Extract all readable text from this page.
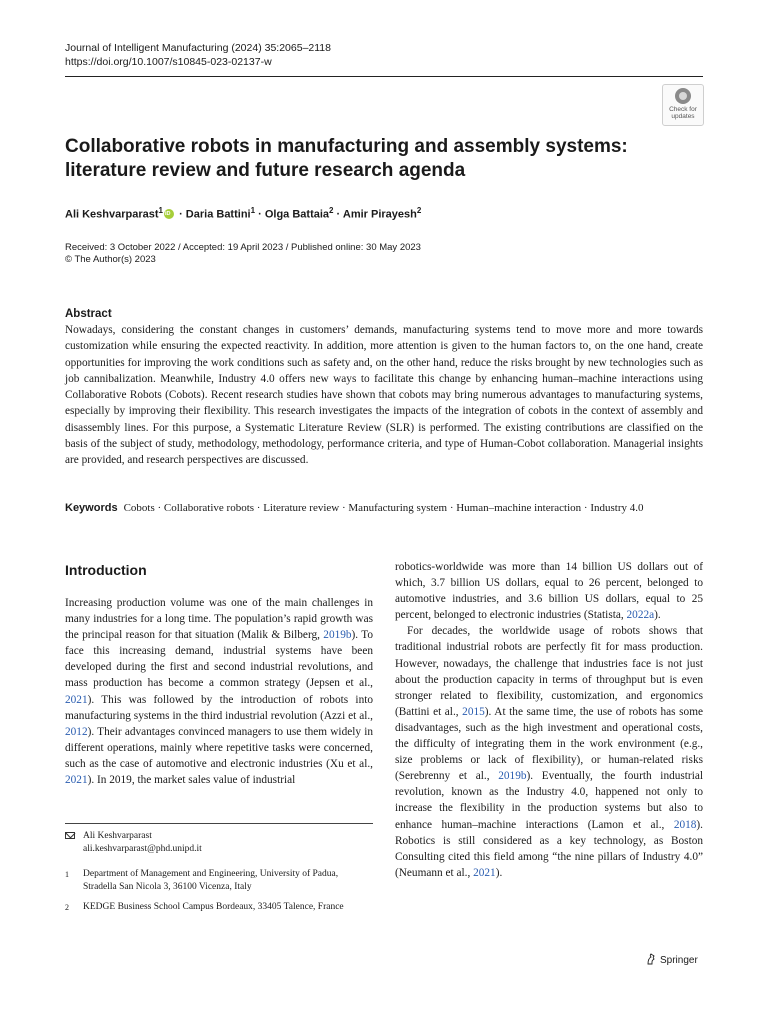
Journal of Intelligent Manufacturing (2024) 35:2065–2118
https://doi.org/10.1007/s10845-023-02137-w
Check for updates
Collaborative robots in manufacturing and assembly systems: literature review and future research agenda
Ali Keshvarparast$^1$iD · Daria Battini$^1$ · Olga Battaia$^2$ · Amir Pirayesh$^2$
Received: 3 October 2022 / Accepted: 19 April 2023 / Published online: 30 May 2023
© The Author(s) 2023
Abstract

Nowadays, considering the constant changes in customers’ demands, manufacturing systems tend to move more and more towards customization while ensuring the expected reactivity. In addition, more attention is given to the human factors to, on the one hand, create opportunities for improving the work conditions such as safety and, on the other hand, reduce the risks brought by new technologies such as job cannibalization. Meanwhile, Industry 4.0 offers new ways to facilitate this change by enhancing human–machine interactions using Collaborative Robots (Cobots). Recent research studies have shown that cobots may bring numerous advantages to manufacturing systems, especially by improving their flexibility. This research investigates the impacts of the integration of cobots in the context of assembly and disassembly lines. For this purpose, a Systematic Literature Review (SLR) is performed. The existing contributions are classified on the basis of the subject of study, methodology, methodology, performance criteria, and type of Human-Cobot collaboration. Managerial insights are provided, and research perspectives are discussed.

Keywords Cobots · Collaborative robots · Literature review · Manufacturing system · Human–machine interaction · Industry 4.0
Introduction

Increasing production volume was one of the main challenges in many industries for a long time. The population’s rapid growth was the principal reason for that situation (Malik & Bilberg, 2019b). To face this increasing demand, industrial systems have been developed during the first and second industrial revolutions, and mass production has become a common strategy (Jepsen et al., 2021). This was followed by the introduction of robots into manufacturing systems in the third industrial revolution (Azzi et al., 2012). Their advantages convinced managers to use them widely in different operations, mainly where repetitive tasks were concerned, such as the case of automotive and electronic industries (Xu et al., 2021). In 2019, the market sales value of industrial

robotics-worldwide was more than 14 billion US dollars out of which, 3.7 billion US dollars, equal to 26 percent, belonged to automotive industries, and 3.6 billion US dollars, equal to 25 percent, belonged to electronic industries (Statista, 2022a).

For decades, the worldwide usage of robots shows that traditional industrial robots are perfectly fit for mass production. However, nowadays, the challenge that industries face is not just about the production capacity in terms of throughput but is even stronger related to flexibility, customization, and ergonomics (Battini et al., 2015). At the same time, the use of robots has some disadvantages, such as the high investment and operational costs, the difficulty of integrating them in the work environment (e.g., size problems or lack of flexibility), or human-related risks (Serebrenny et al., 2019b). Eventually, the fourth industrial revolution, known as the Industry 4.0, happened not only to increase the flexibility in the production systems but also to enhance human–machine interactions (Lamon et al., 2018). Robotics is still considered as a key technology, as Boston Consulting cited this field among “the nine pillars of Industry 4.0” (Neumann et al., 2021).

Ali Keshvarparast
ali.keshvarparast@phd.unipd.it
1 Department of Management and Engineering, University of Padua, Stradella San Nicola 3, 36100 Vicenza, Italy
2 KEDGE Business School Campus Bordeaux, 33405 Talence, France
Springer
